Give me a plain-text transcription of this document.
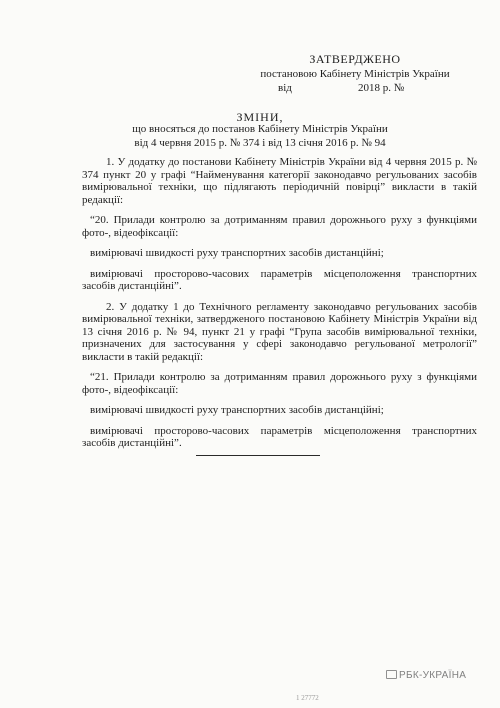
ЗАТВЕРДЖЕНО
постановою Кабінету Міністрів України
від	2018 р. №
ЗМІНИ,
що вносяться до постанов Кабінету Міністрів України
від 4 червня 2015 р. № 374 і від 13 січня 2016 р. № 94

1. У додатку до постанови Кабінету Міністрів України від 4 червня 2015 р. № 374 пункт 20 у графі “Найменування категорії законодавчо регульованих засобів вимірювальної техніки, що підлягають періодичній повірці” викласти в такій редакції:

“20. Прилади контролю за дотриманням правил дорожнього руху з функціями фото-, відеофіксації:

вимірювачі швидкості руху транспортних засобів дистанційні;

вимірювачі просторово-часових параметрів місцеположення транспортних засобів дистанційні”.

2. У додатку 1 до Технічного регламенту законодавчо регульованих засобів вимірювальної техніки, затвердженого постановою Кабінету Міністрів України від 13 січня 2016 р. № 94, пункт 21 у графі “Група засобів вимірювальної техніки, призначених для застосування у сфері законодавчо регульованої метрології” викласти в такій редакції:

“21. Прилади контролю за дотриманням правил дорожнього руху з функціями фото-, відеофіксації:

вимірювачі швидкості руху транспортних засобів дистанційні;

вимірювачі просторово-часових параметрів місцеположення транспортних засобів дистанційні”.

1 27772
РБК-УКРАЇНА
